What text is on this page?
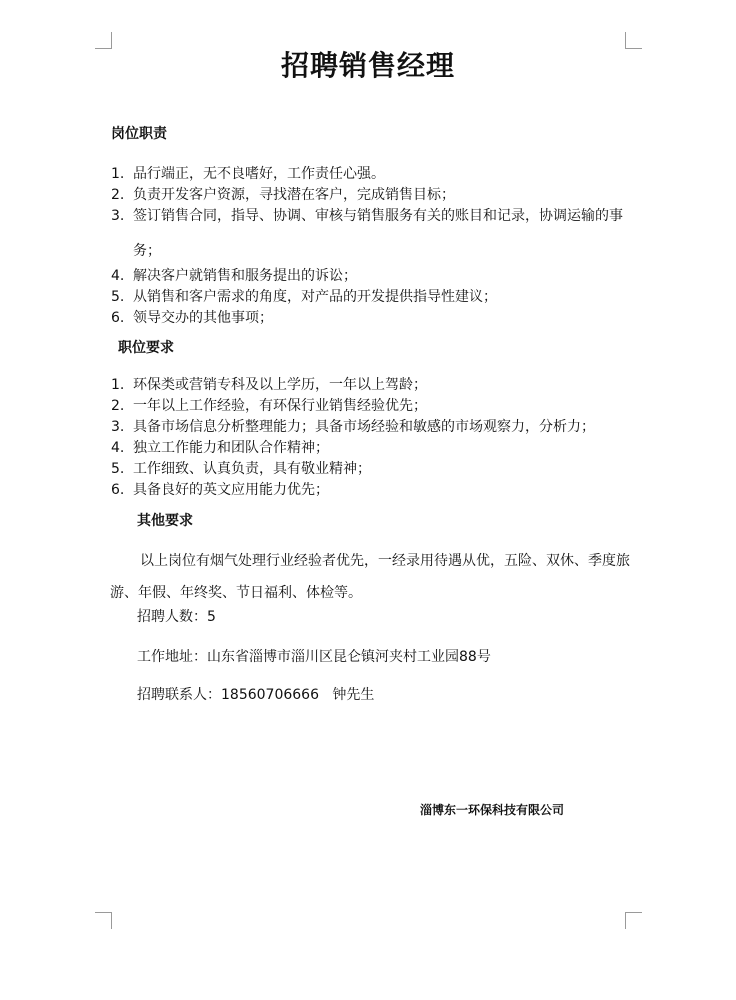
招聘销售经理
岗位职责
1. 品行端正，无不良嗜好，工作责任心强。
2. 负责开发客户资源，寻找潜在客户，完成销售目标；
3. 签订销售合同，指导、协调、审核与销售服务有关的账目和记录，协调运输的事务；
4. 解决客户就销售和服务提出的诉讼；
5. 从销售和客户需求的角度，对产品的开发提供指导性建议；
6. 领导交办的其他事项；
职位要求
1. 环保类或营销专科及以上学历，一年以上驾龄；
2. 一年以上工作经验，有环保行业销售经验优先；
3. 具备市场信息分析整理能力；具备市场经验和敏感的市场观察力，分析力；
4. 独立工作能力和团队合作精神；
5. 工作细致、认真负责，具有敬业精神；
6. 具备良好的英文应用能力优先；
其他要求

以上岗位有烟气处理行业经验者优先，一经录用待遇从优，五险、双休、季度旅游、年假、年终奖、节日福利、体检等。

招聘人数：5
工作地址：山东省淄博市淄川区昆仑镇河夹村工业园88号
招聘联系人：18560706666   钟先生
淄博东一环保科技有限公司
